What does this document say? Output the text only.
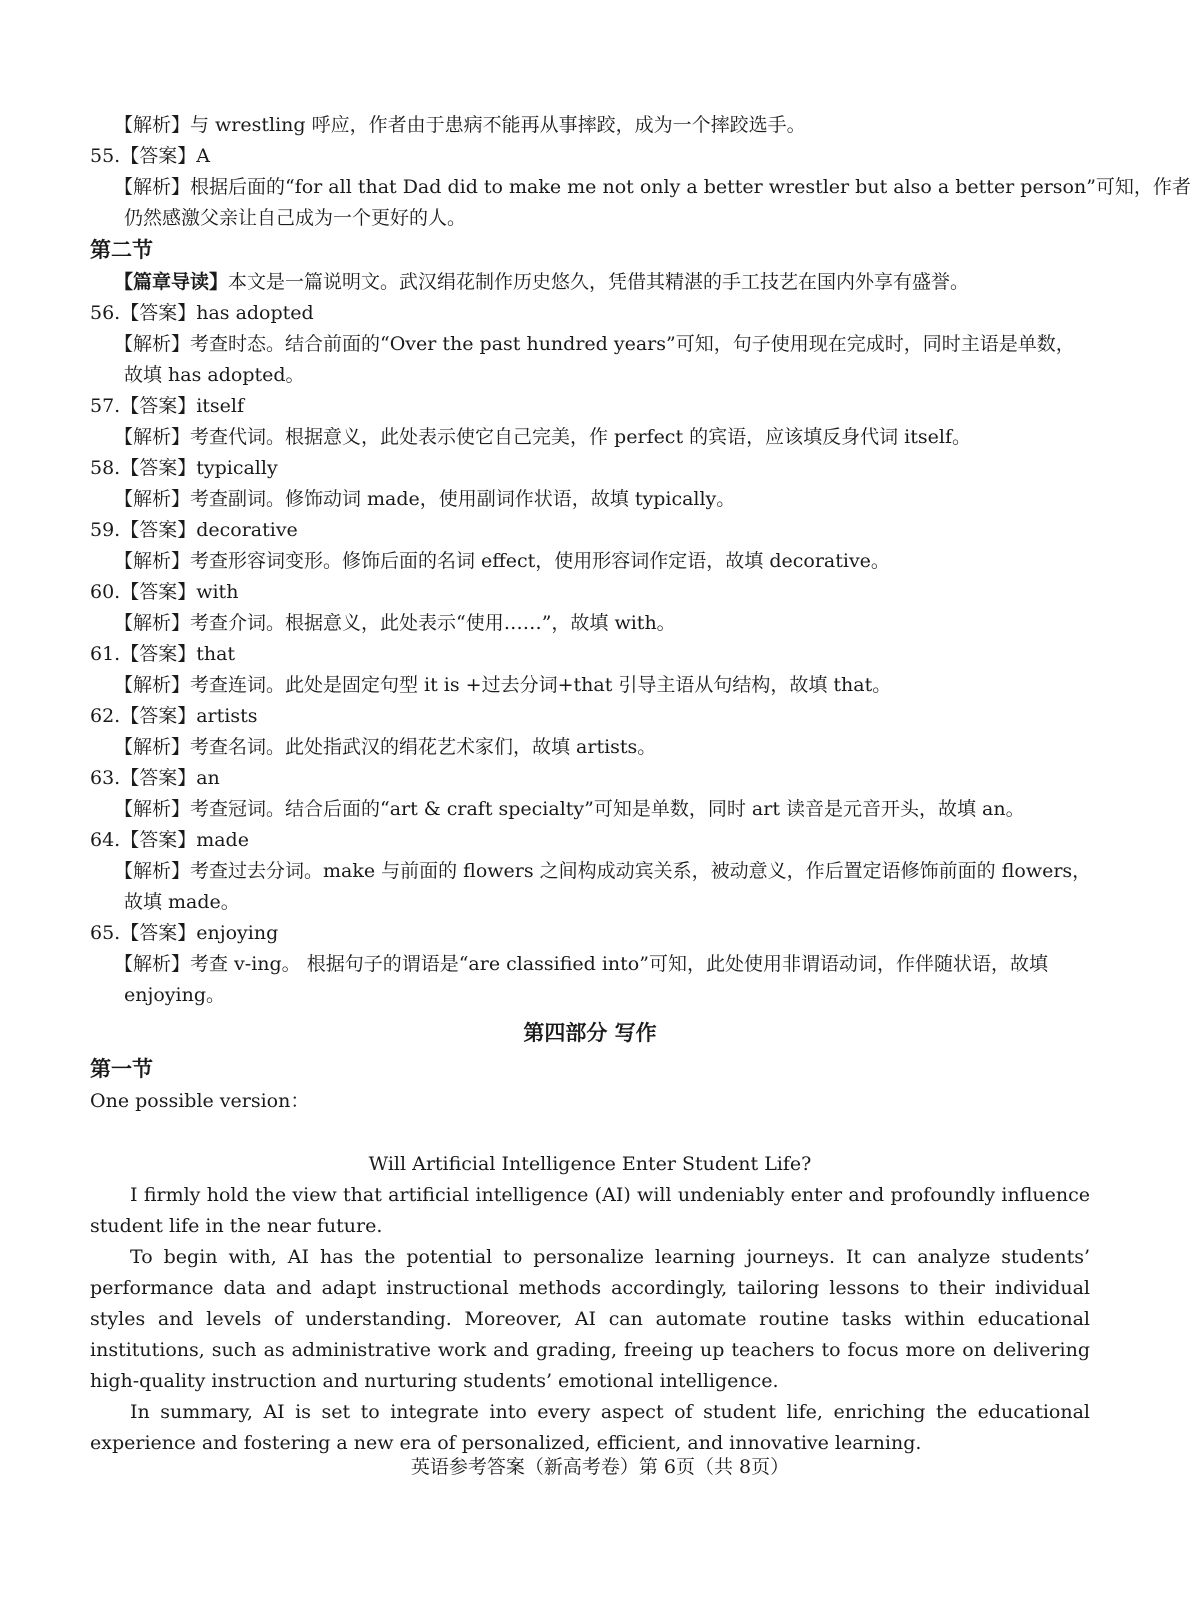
【解析】与 wrestling 呼应，作者由于患病不能再从事摔跤，成为一个摔跤选手。
55.【答案】A
【解析】根据后面的“for all that Dad did to make me not only a better wrestler but also a better person”可知，作者
仍然感激父亲让自己成为一个更好的人。
第二节
【篇章导读】本文是一篇说明文。武汉绢花制作历史悠久，凭借其精湛的手工技艺在国内外享有盛誉。
56.【答案】has adopted
【解析】考查时态。结合前面的“Over the past hundred years”可知，句子使用现在完成时，同时主语是单数，
故填 has adopted。
57.【答案】itself
【解析】考查代词。根据意义，此处表示使它自己完美，作 perfect 的宾语，应该填反身代词 itself。
58.【答案】typically
【解析】考查副词。修饰动词 made，使用副词作状语，故填 typically。
59.【答案】decorative
【解析】考查形容词变形。修饰后面的名词 effect，使用形容词作定语，故填 decorative。
60.【答案】with
【解析】考查介词。根据意义，此处表示“使用……”，故填 with。
61.【答案】that
【解析】考查连词。此处是固定句型 it is +过去分词+that 引导主语从句结构，故填 that。
62.【答案】artists
【解析】考查名词。此处指武汉的绢花艺术家们，故填 artists。
63.【答案】an
【解析】考查冠词。结合后面的“art & craft specialty”可知是单数，同时 art 读音是元音开头，故填 an。
64.【答案】made
【解析】考查过去分词。make 与前面的 flowers 之间构成动宾关系，被动意义，作后置定语修饰前面的 flowers，
故填 made。
65.【答案】enjoying
【解析】考查 v-ing。 根据句子的谓语是“are classified into”可知，此处使用非谓语动词，作伴随状语，故填
enjoying。
第四部分 写作
第一节
One possible version：
Will Artificial Intelligence Enter Student Life?
I firmly hold the view that artificial intelligence (AI) will undeniably enter and profoundly influence student life in the near future.
To begin with, AI has the potential to personalize learning journeys. It can analyze students’ performance data and adapt instructional methods accordingly, tailoring lessons to their individual styles and levels of understanding. Moreover, AI can automate routine tasks within educational institutions, such as administrative work and grading, freeing up teachers to focus more on delivering high-quality instruction and nurturing students’ emotional intelligence.
In summary, AI is set to integrate into every aspect of student life, enriching the educational experience and fostering a new era of personalized, efficient, and innovative learning.
英语参考答案（新高考卷）第 6页（共 8页）
